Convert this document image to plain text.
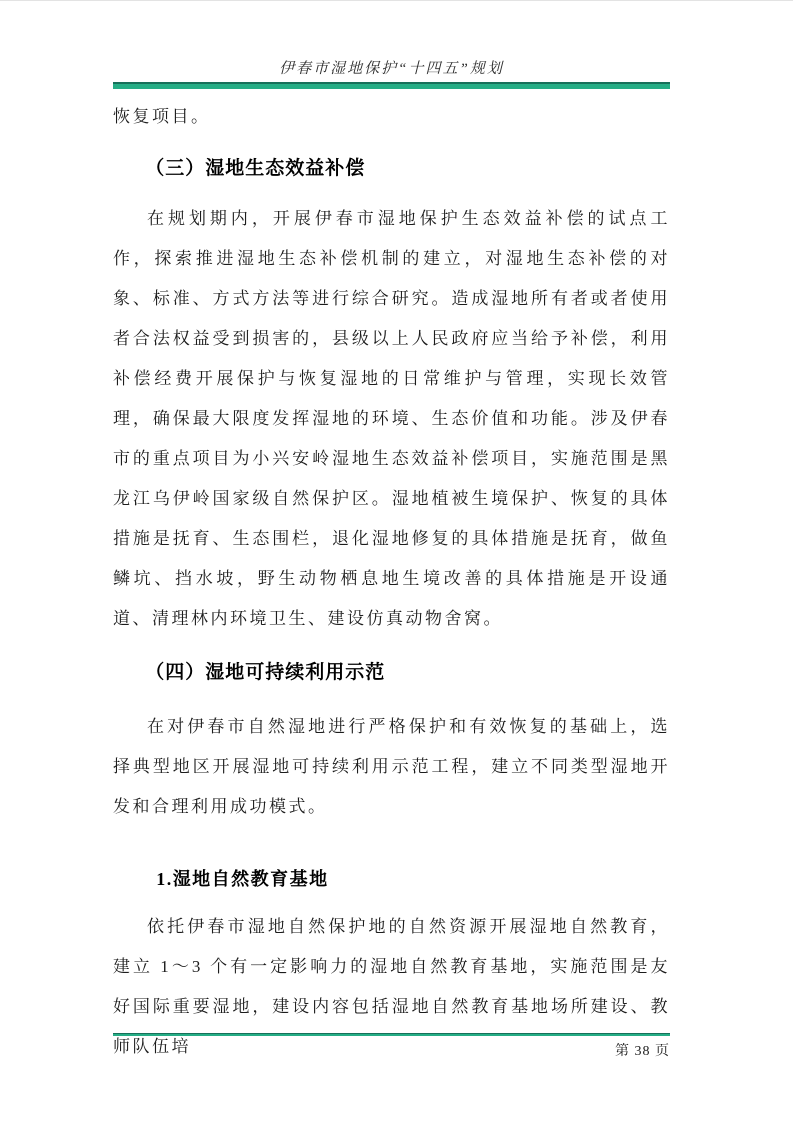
伊春市湿地保护“十四五”规划

恢复项目。

（三）湿地生态效益补偿

在规划期内，开展伊春市湿地保护生态效益补偿的试点工作，探索推进湿地生态补偿机制的建立，对湿地生态补偿的对象、标准、方式方法等进行综合研究。造成湿地所有者或者使用者合法权益受到损害的，县级以上人民政府应当给予补偿，利用补偿经费开展保护与恢复湿地的日常维护与管理，实现长效管理，确保最大限度发挥湿地的环境、生态价值和功能。涉及伊春市的重点项目为小兴安岭湿地生态效益补偿项目，实施范围是黑龙江乌伊岭国家级自然保护区。湿地植被生境保护、恢复的具体措施是抚育、生态围栏，退化湿地修复的具体措施是抚育，做鱼鳞坑、挡水坡，野生动物栖息地生境改善的具体措施是开设通道、清理林内环境卫生、建设仿真动物舍窝。

（四）湿地可持续利用示范

在对伊春市自然湿地进行严格保护和有效恢复的基础上，选择典型地区开展湿地可持续利用示范工程，建立不同类型湿地开发和合理利用成功模式。

1.湿地自然教育基地

依托伊春市湿地自然保护地的自然资源开展湿地自然教育，建立 1～3 个有一定影响力的湿地自然教育基地，实施范围是友好国际重要湿地，建设内容包括湿地自然教育基地场所建设、教师队伍培	第 38 页
